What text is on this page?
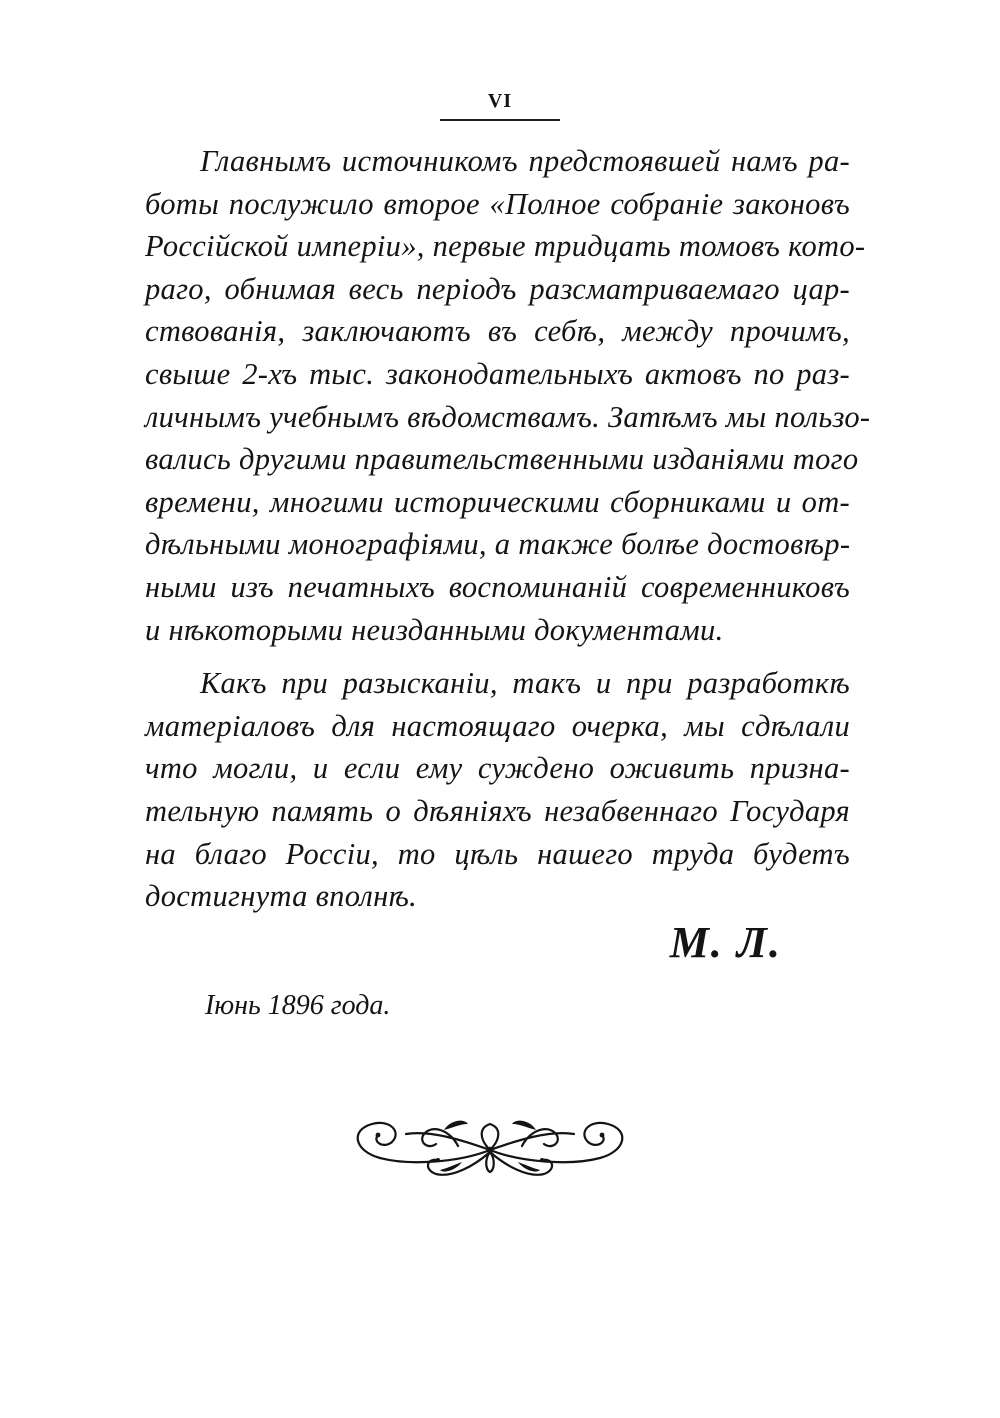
VI
Главнымъ источникомъ предстоявшей намъ ра-
боты послужило второе «Полное собраніе законовъ
Россійской имперіи», первые тридцать томовъ кото-
раго, обнимая весь періодъ разсматриваемаго цар-
ствованія, заключаютъ въ себѣ, между прочимъ,
свыше 2-хъ тыс. законодательныхъ актовъ по раз-
личнымъ учебнымъ вѣдомствамъ. Затѣмъ мы пользо-
вались другими правительственными изданіями того
времени, многими историческими сборниками и от-
дѣльными монографіями, а также болѣе достовѣр-
ными изъ печатныхъ воспоминаній современниковъ
и нѣкоторыми неизданными документами.
Какъ при разысканіи, такъ и при разработкѣ
матеріаловъ для настоящаго очерка, мы сдѣлали
что могли, и если ему суждено оживить призна-
тельную память о дѣяніяхъ незабвеннаго Государя
на благо Россіи, то цѣль нашего труда будетъ
достигнута вполнѣ.
М. Л.
Іюнь 1896 года.
